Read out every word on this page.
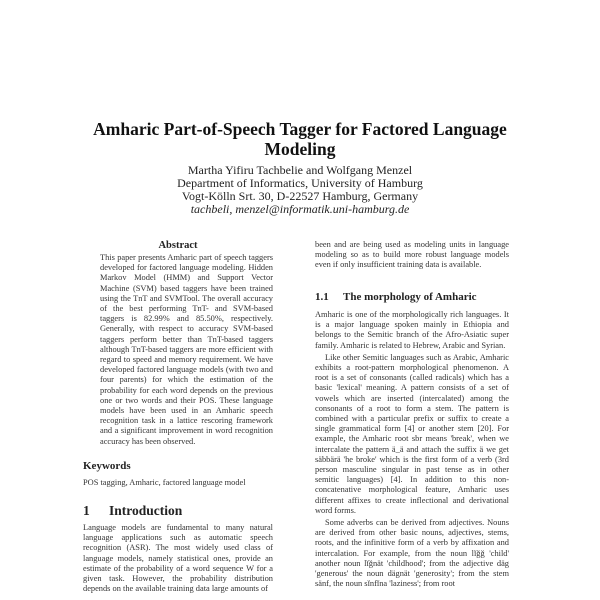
Amharic Part-of-Speech Tagger for Factored Language
Modeling
Martha Yifiru Tachbelie and Wolfgang Menzel
Department of Informatics, University of Hamburg
Vogt-Kölln Srt. 30, D-22527 Hamburg, Germany
tachbeli, menzel@informatik.uni-hamburg.de
Abstract

This paper presents Amharic part of speech taggers developed for factored language modeling. Hidden Markov Model (HMM) and Support Vector Machine (SVM) based taggers have been trained using the TnT and SVMTool. The overall accuracy of the best performing TnT- and SVM-based taggers is 82.99% and 85.50%, respectively. Generally, with respect to accuracy SVM-based taggers perform better than TnT-based taggers although TnT-based taggers are more efficient with regard to speed and memory requirement. We have developed factored language models (with two and four parents) for which the estimation of the probability for each word depends on the previous one or two words and their POS. These language models have been used in an Amharic speech recognition task in a lattice rescoring framework and a significant improvement in word recognition accuracy has been observed.

Keywords
POS tagging, Amharic, factored language model
1 Introduction

Language models are fundamental to many natural language applications such as automatic speech recognition (ASR). The most widely used class of language models, namely statistical ones, provide an estimate of the probability of a word sequence W for a given task. However, the probability distribution depends on the available training data large amounts of

been and are being used as modeling units in language modeling so as to build more robust language models even if only insufficient training data is available.
1.1 The morphology of Amharic

Amharic is one of the morphologically rich languages. It is a major language spoken mainly in Ethiopia and belongs to the Semitic branch of the Afro-Asiatic super family. Amharic is related to Hebrew, Arabic and Syrian.

Like other Semitic languages such as Arabic, Amharic exhibits a root-pattern morphological phenomenon. A root is a set of consonants (called radicals) which has a basic 'lexical' meaning. A pattern consists of a set of vowels which are inserted (intercalated) among the consonants of a root to form a stem. The pattern is combined with a particular prefix or suffix to create a single grammatical form [4] or another stem [20]. For example, the Amharic root sbr means 'break', when we intercalate the pattern ä_ä and attach the suffix ä we get säbbärä 'he broke' which is the first form of a verb (3rd person masculine singular in past tense as in other semitic languages) [4]. In addition to this non-concatenative morphological feature, Amharic uses different affixes to create inflectional and derivational word forms.

Some adverbs can be derived from adjectives. Nouns are derived from other basic nouns, adjectives, stems, roots, and the infinitive form of a verb by affixation and intercalation. For example, from the noun lĭğğ 'child' another noun lĭğnät 'childhood'; from the adjective däg 'generous' the noun dägnät 'generosity'; from the stem sänf, the noun sĭnfĭna 'laziness'; from root
